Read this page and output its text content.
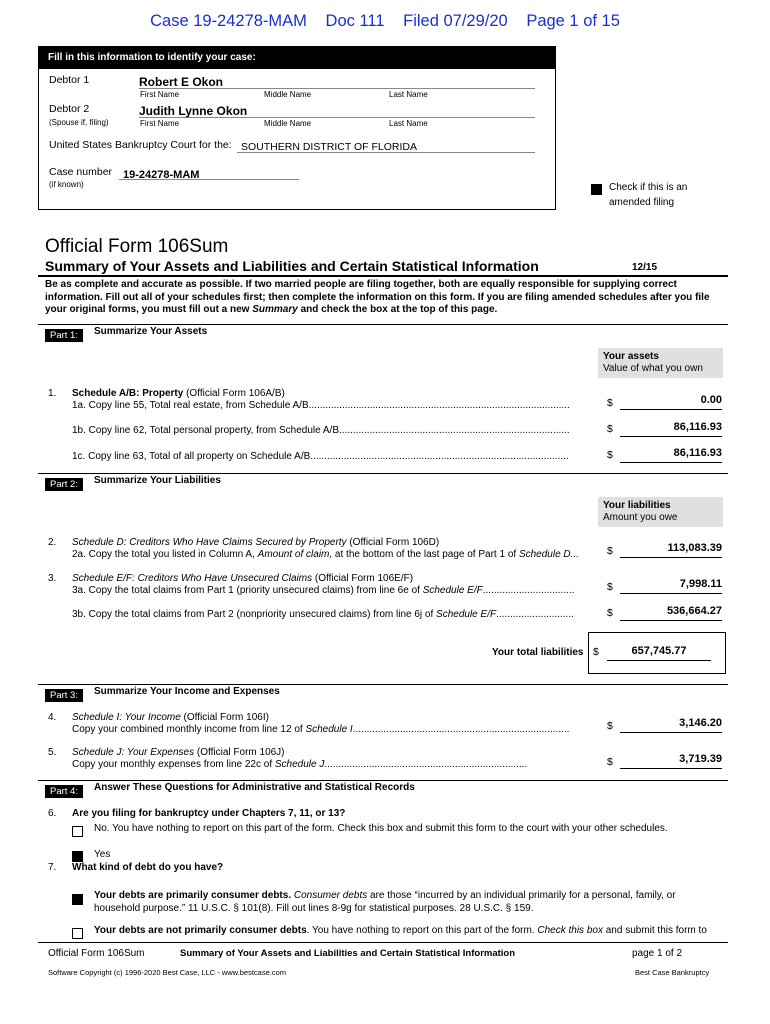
Case 19-24278-MAM Doc 111 Filed 07/29/20 Page 1 of 15
Fill in this information to identify your case:
Debtor 1	Robert E Okon
First Name	Middle Name	Last Name
Debtor 2
(Spouse if, filing)
Judith Lynne Okon
First Name	Middle Name	Last Name
United States Bankruptcy Court for the: SOUTHERN DISTRICT OF FLORIDA
Case number
(if known)
19-24278-MAM
Check if this is an
amended filing
Official Form 106Sum
Summary of Your Assets and Liabilities and Certain Statistical Information	12/15
Be as complete and accurate as possible. If two married people are filing together, both are equally responsible for supplying correct
information. Fill out all of your schedules first; then complete the information on this form. If you are filing amended schedules after you file
your original forms, you must fill out a new Summary and check the box at the top of this page.
Part 1:	Summarize Your Assets
Your assets
Value of what you own
1. Schedule A/B: Property (Official Form 106A/B)
1a. Copy line 55, Total real estate, from Schedule A/B..............................................................................................	$	0.00
1b. Copy line 62, Total personal property, from Schedule A/B...................................................................................	$	86,116.93
1c. Copy line 63, Total of all property on Schedule A/B.............................................................................................	$	86,116.93
Part 2:	Summarize Your Liabilities
Your liabilities
Amount you owe
2. Schedule D: Creditors Who Have Claims Secured by Property (Official Form 106D)
2a. Copy the total you listed in Column A, Amount of claim, at the bottom of the last page of Part 1 of Schedule D...	$	113,083.39
3. Schedule E/F: Creditors Who Have Unsecured Claims (Official Form 106E/F)
3a. Copy the total claims from Part 1 (priority unsecured claims) from line 6e of Schedule E/F.................................	$	7,998.11
3b. Copy the total claims from Part 2 (nonpriority unsecured claims) from line 6j of Schedule E/F............................	$	536,664.27
Your total liabilities $	657,745.77
Part 3:	Summarize Your Income and Expenses
4. Schedule I: Your Income (Official Form 106I)
Copy your combined monthly income from line 12 of Schedule I..............................................................................	$	3,146.20
5. Schedule J: Your Expenses (Official Form 106J)
Copy your monthly expenses from line 22c of Schedule J.........................................................................	$	3,719.39
Part 4:	Answer These Questions for Administrative and Statistical Records
6. Are you filing for bankruptcy under Chapters 7, 11, or 13?
No. You have nothing to report on this part of the form. Check this box and submit this form to the court with your other schedules.
Yes
7. What kind of debt do you have?
Your debts are primarily consumer debts. Consumer debts are those “incurred by an individual primarily for a personal, family, or
household purpose.” 11 U.S.C. § 101(8). Fill out lines 8-9g for statistical purposes. 28 U.S.C. § 159.
Your debts are not primarily consumer debts. You have nothing to report on this part of the form. Check this box and submit this form to
Official Form 106Sum	Summary of Your Assets and Liabilities and Certain Statistical Information	page 1 of 2
Software Copyright (c) 1996-2020 Best Case, LLC - www.bestcase.com	Best Case Bankruptcy
